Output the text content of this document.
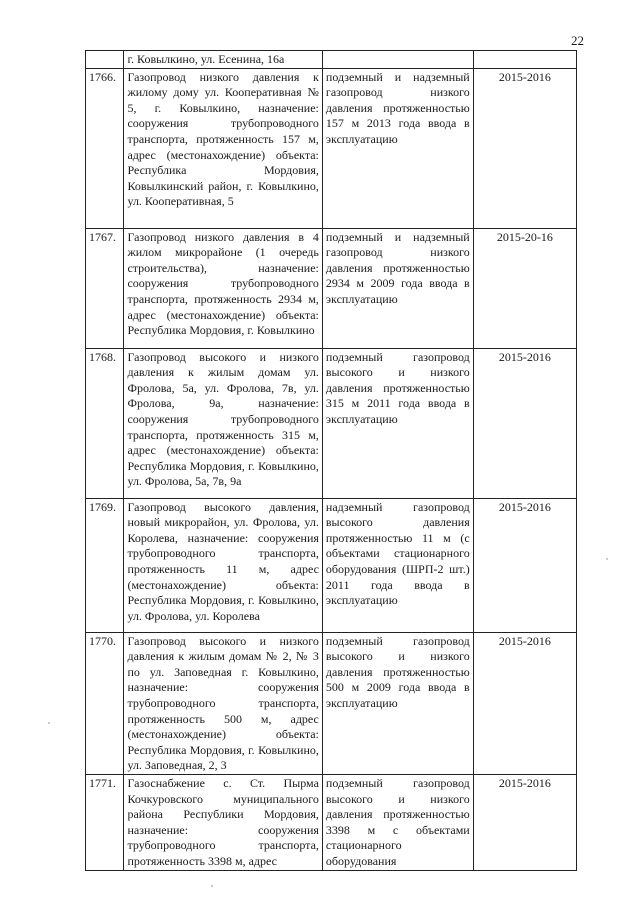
22

	г. Ковылкино, ул. Есенина, 16а		

1766.	Газопровод низкого давления к жилому дому ул. Кооперативная № 5, г. Ковылкино, назначение: сооружения трубопроводного транспорта, протяженность 157 м, адрес (местонахождение) объекта: Республика Мордовия, Ковылкинский район, г. Ковылкино, ул. Кооперативная, 5	подземный и надземный газопровод низкого давления протяженностью 157 м 2013 года ввода в эксплуатацию	2015-2016
1767.	Газопровод низкого давления в 4 жилом микрорайоне (1 очередь строительства), назначение: сооружения трубопроводного транспорта, протяженность 2934 м, адрес (местонахождение) объекта: Республика Мордовия, г. Ковылкино	подземный и надземный газопровод низкого давления протяженностью 2934 м 2009 года ввода в эксплуатацию	2015-20-16
1768.	Газопровод высокого и низкого давления к жилым домам ул. Фролова, 5а, ул. Фролова, 7в, ул. Фролова, 9а, назначение: сооружения трубопроводного транспорта, протяженность 315 м, адрес (местонахождение) объекта: Республика Мордовия, г. Ковылкино, ул. Фролова, 5а, 7в, 9а	подземный газопровод высокого и низкого давления протяженностью 315 м 2011 года ввода в эксплуатацию	2015-2016
1769.	Газопровод высокого давления, новый микрорайон, ул. Фролова, ул. Королева, назначение: сооружения трубопроводного транспорта, протяженность 11 м, адрес (местонахождение) объекта: Республика Мордовия, г. Ковылкино, ул. Фролова, ул. Королева	надземный газопровод высокого давления протяженностью 11 м (с объектами стационарного оборудования (ШРП-2 шт.) 2011 года ввода в эксплуатацию	2015-2016
1770.	Газопровод высокого и низкого давления к жилым домам № 2, № 3 по ул. Заповедная г. Ковылкино, назначение: сооружения трубопроводного транспорта, протяженность 500 м, адрес (местонахождение) объекта: Республика Мордовия, г. Ковылкино, ул. Заповедная, 2, 3	подземный газопровод высокого и низкого давления протяженностью 500 м 2009 года ввода в эксплуатацию	2015-2016
1771.	Газоснабжение с. Ст. Пырма Кочкуровского муниципального района Республики Мордовия, назначение: сооружения трубопроводного транспорта, протяженность 3398 м, адрес	подземный газопровод высокого и низкого давления протяженностью 3398 м с объектами стационарного оборудования	2015-2016
